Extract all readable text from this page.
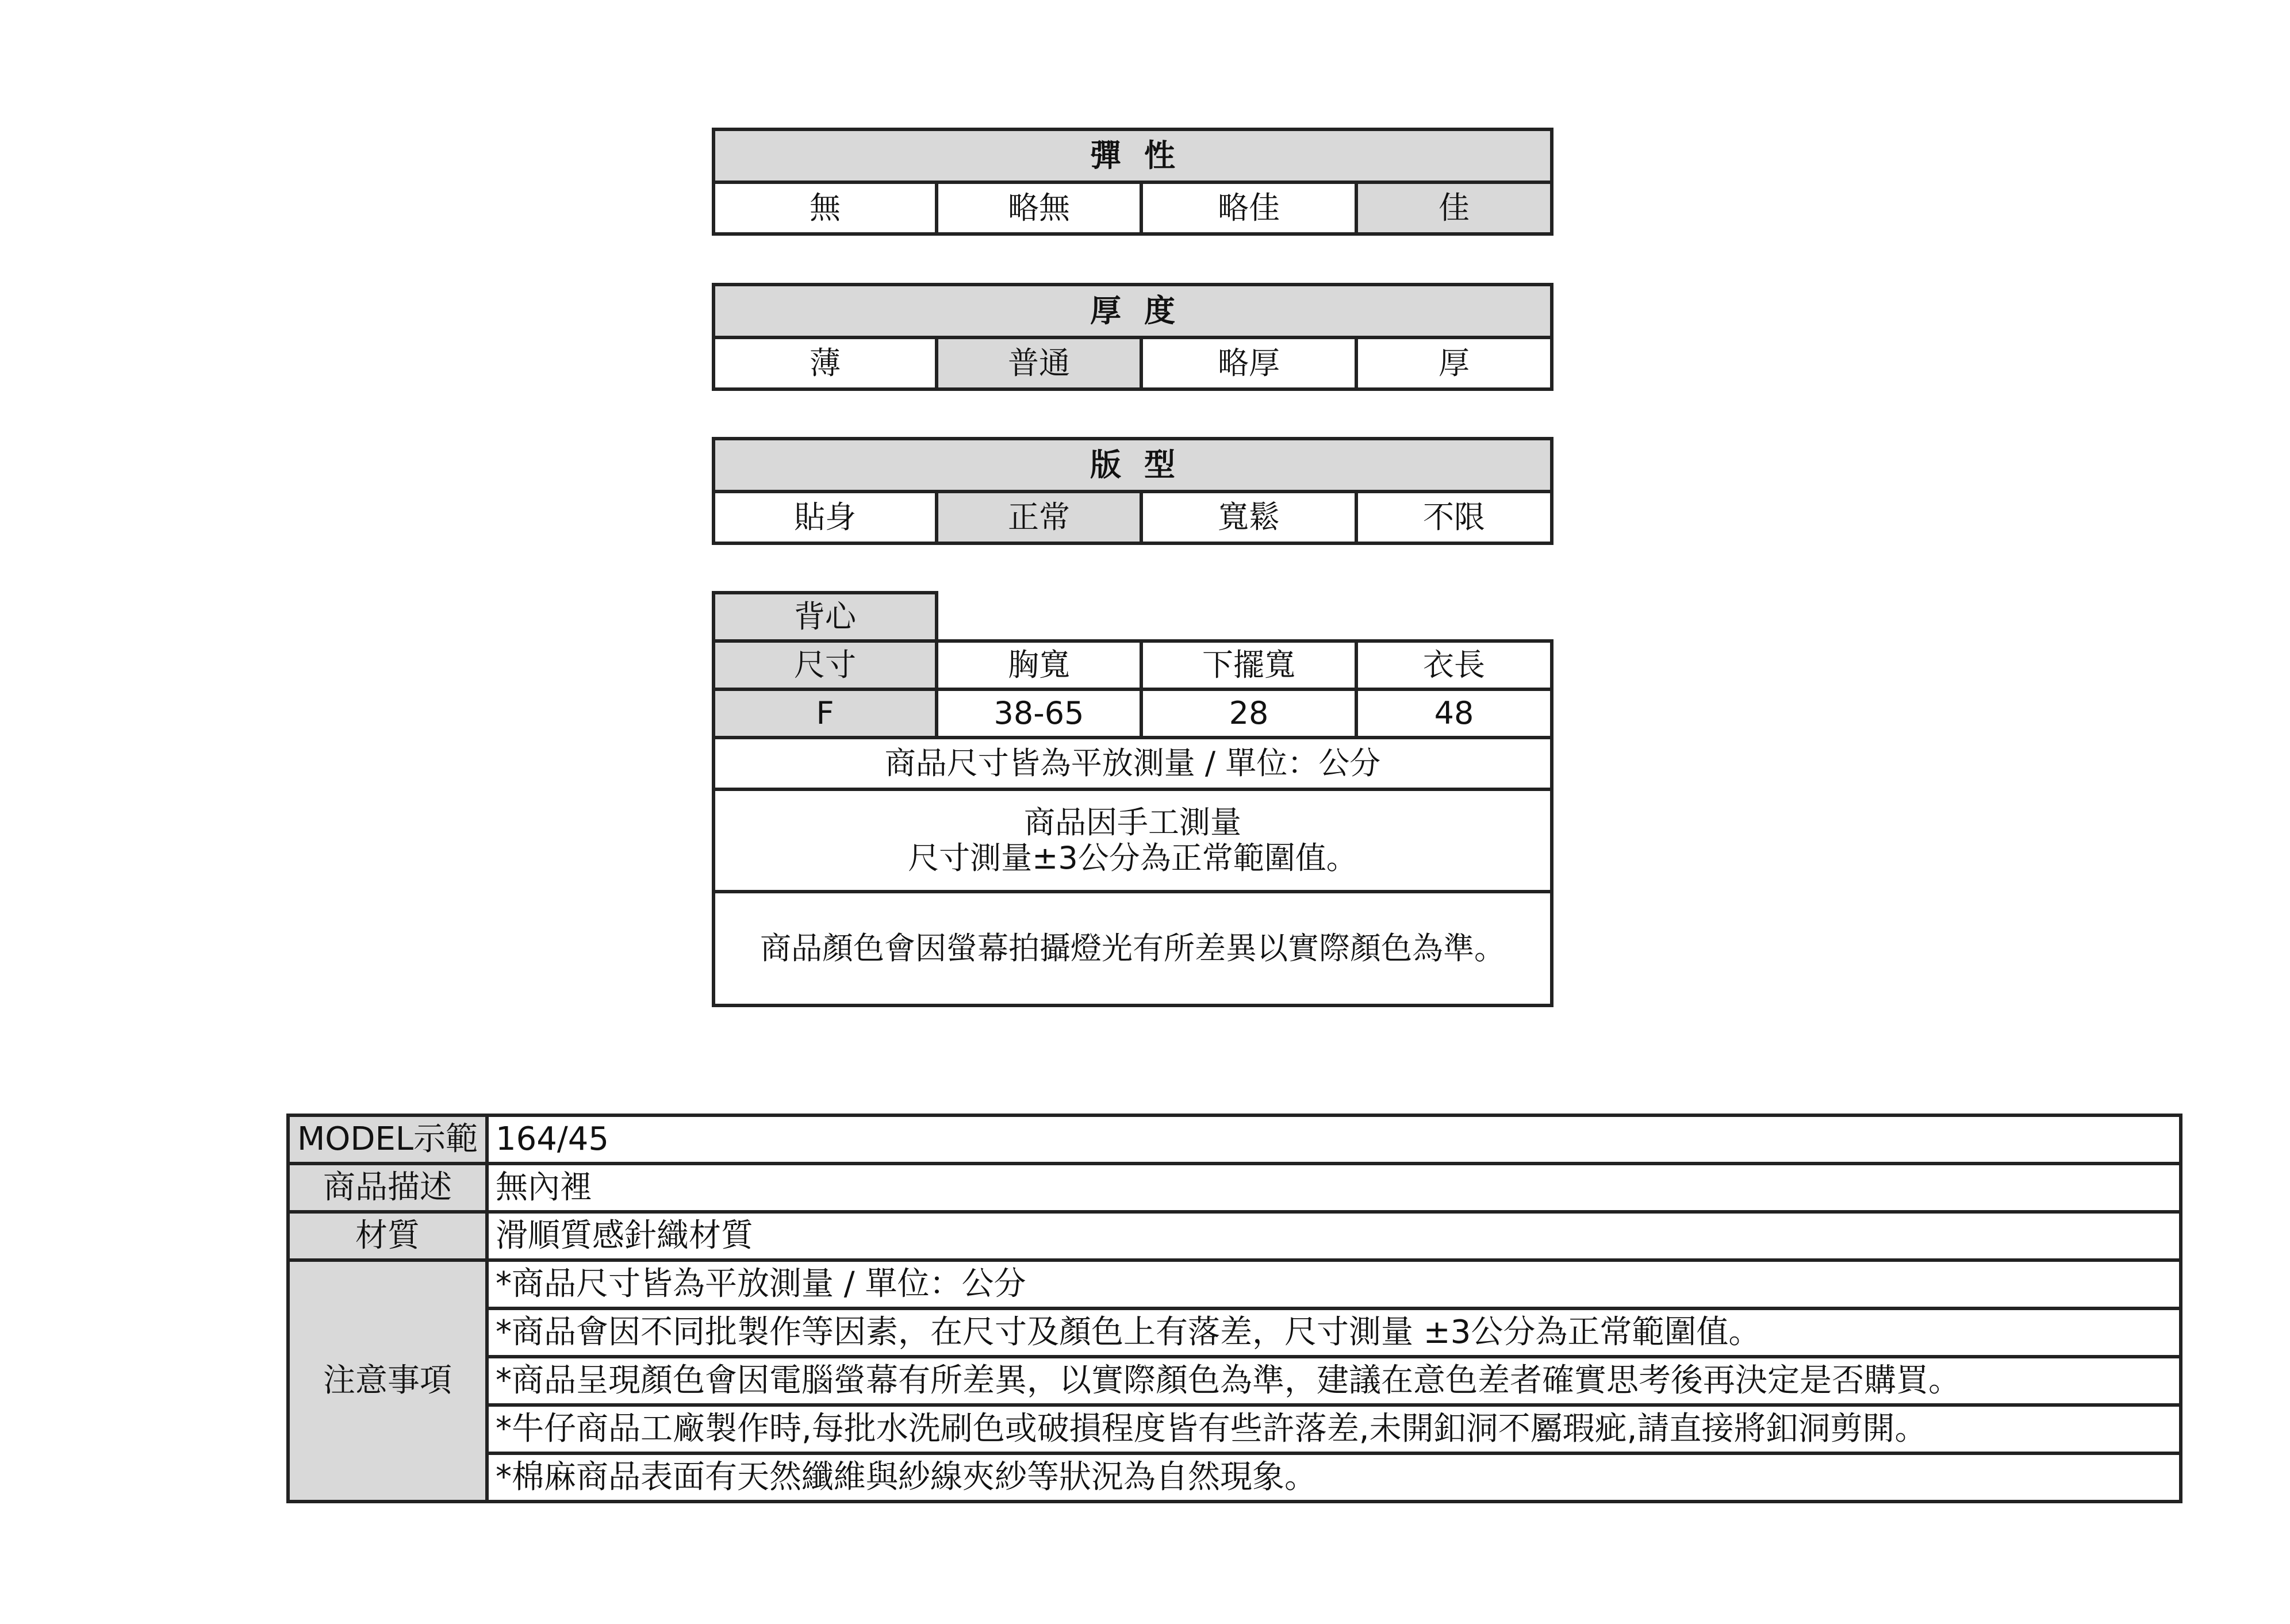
彈性
無	略無	略佳	佳
厚度
薄	普通	略厚	厚
版型
貼身	正常	寬鬆	不限
背心			
尺寸	胸寬	下擺寬	衣長
F	38-65	28	48
商品尺寸皆為平放測量 / 單位：公分			

商品因手工測量
尺寸測量±3公分為正常範圍值。			

商品顏色會因螢幕拍攝燈光有所差異以實際顏色為準。			
MODEL示範	164/45
商品描述	無內裡
材質	滑順質感針織材質
注意事項	*商品尺寸皆為平放測量 / 單位：公分
	*商品會因不同批製作等因素，在尺寸及顏色上有落差，尺寸測量 ±3公分為正常範圍值。
	*商品呈現顏色會因電腦螢幕有所差異，以實際顏色為準，建議在意色差者確實思考後再決定是否購買。
	*牛仔商品工廠製作時,每批水洗刷色或破損程度皆有些許落差,未開釦洞不屬瑕疵,請直接將釦洞剪開。
	*棉麻商品表面有天然纖維與紗線夾紗等狀況為自然現象。
